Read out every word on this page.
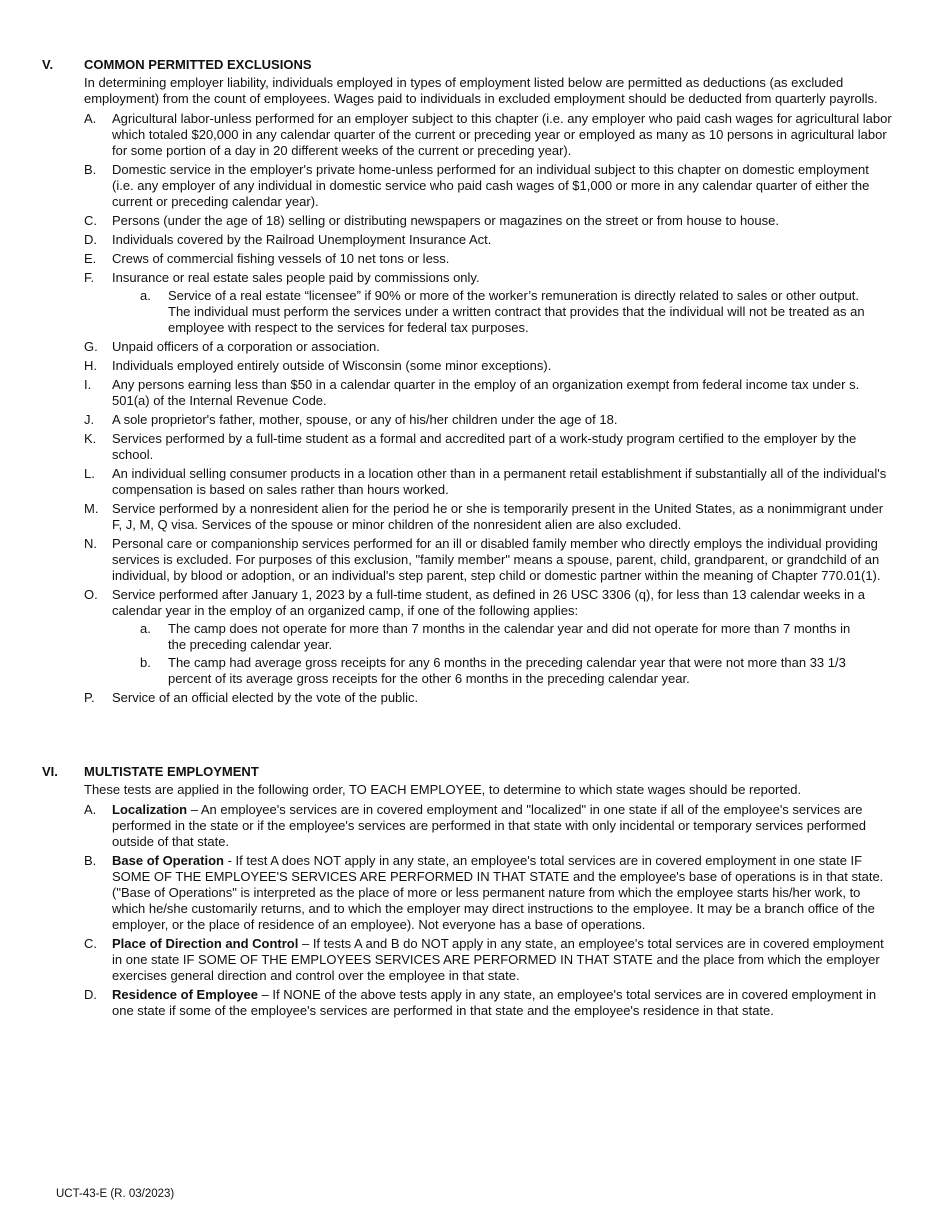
V. COMMON PERMITTED EXCLUSIONS
In determining employer liability, individuals employed in types of employment listed below are permitted as deductions (as excluded employment) from the count of employees. Wages paid to individuals in excluded employment should be deducted from quarterly payrolls.
A. Agricultural labor-unless performed for an employer subject to this chapter (i.e. any employer who paid cash wages for agricultural labor which totaled $20,000 in any calendar quarter of the current or preceding year or employed as many as 10 persons in agricultural labor for some portion of a day in 20 different weeks of the current or preceding year).
B. Domestic service in the employer's private home-unless performed for an individual subject to this chapter on domestic employment (i.e. any employer of any individual in domestic service who paid cash wages of $1,000 or more in any calendar quarter of either the current or preceding calendar year).
C. Persons (under the age of 18) selling or distributing newspapers or magazines on the street or from house to house.
D. Individuals covered by the Railroad Unemployment Insurance Act.
E. Crews of commercial fishing vessels of 10 net tons or less.
F. Insurance or real estate sales people paid by commissions only.
a. Service of a real estate “licensee” if 90% or more of the worker’s remuneration is directly related to sales or other output. The individual must perform the services under a written contract that provides that the individual will not be treated as an employee with respect to the services for federal tax purposes.
G. Unpaid officers of a corporation or association.
H. Individuals employed entirely outside of Wisconsin (some minor exceptions).
I. Any persons earning less than $50 in a calendar quarter in the employ of an organization exempt from federal income tax under s. 501(a) of the Internal Revenue Code.
J. A sole proprietor's father, mother, spouse, or any of his/her children under the age of 18.
K. Services performed by a full-time student as a formal and accredited part of a work-study program certified to the employer by the school.
L. An individual selling consumer products in a location other than in a permanent retail establishment if substantially all of the individual's compensation is based on sales rather than hours worked.
M. Service performed by a nonresident alien for the period he or she is temporarily present in the United States, as a nonimmigrant under F, J, M, Q visa. Services of the spouse or minor children of the nonresident alien are also excluded.
N. Personal care or companionship services performed for an ill or disabled family member who directly employs the individual providing services is excluded. For purposes of this exclusion, "family member" means a spouse, parent, child, grandparent, or grandchild of an individual, by blood or adoption, or an individual's step parent, step child or domestic partner within the meaning of Chapter 770.01(1).
O. Service performed after January 1, 2023 by a full-time student, as defined in 26 USC 3306 (q), for less than 13 calendar weeks in a calendar year in the employ of an organized camp, if one of the following applies:
a. The camp does not operate for more than 7 months in the calendar year and did not operate for more than 7 months in the preceding calendar year.
b. The camp had average gross receipts for any 6 months in the preceding calendar year that were not more than 33 1/3 percent of its average gross receipts for the other 6 months in the preceding calendar year.
P. Service of an official elected by the vote of the public.
VI. MULTISTATE EMPLOYMENT
These tests are applied in the following order, TO EACH EMPLOYEE, to determine to which state wages should be reported.
A. Localization – An employee's services are in covered employment and "localized" in one state if all of the employee's services are performed in the state or if the employee's services are performed in that state with only incidental or temporary services performed outside of that state.
B. Base of Operation - If test A does NOT apply in any state, an employee's total services are in covered employment in one state IF SOME OF THE EMPLOYEE'S SERVICES ARE PERFORMED IN THAT STATE and the employee's base of operations is in that state. ("Base of Operations" is interpreted as the place of more or less permanent nature from which the employee starts his/her work, to which he/she customarily returns, and to which the employer may direct instructions to the employee. It may be a branch office of the employer, or the place of residence of an employee). Not everyone has a base of operations.
C. Place of Direction and Control – If tests A and B do NOT apply in any state, an employee's total services are in covered employment in one state IF SOME OF THE EMPLOYEES SERVICES ARE PERFORMED IN THAT STATE and the place from which the employer exercises general direction and control over the employee in that state.
D. Residence of Employee – If NONE of the above tests apply in any state, an employee's total services are in covered employment in one state if some of the employee's services are performed in that state and the employee's residence in that state.
UCT-43-E (R. 03/2023)
